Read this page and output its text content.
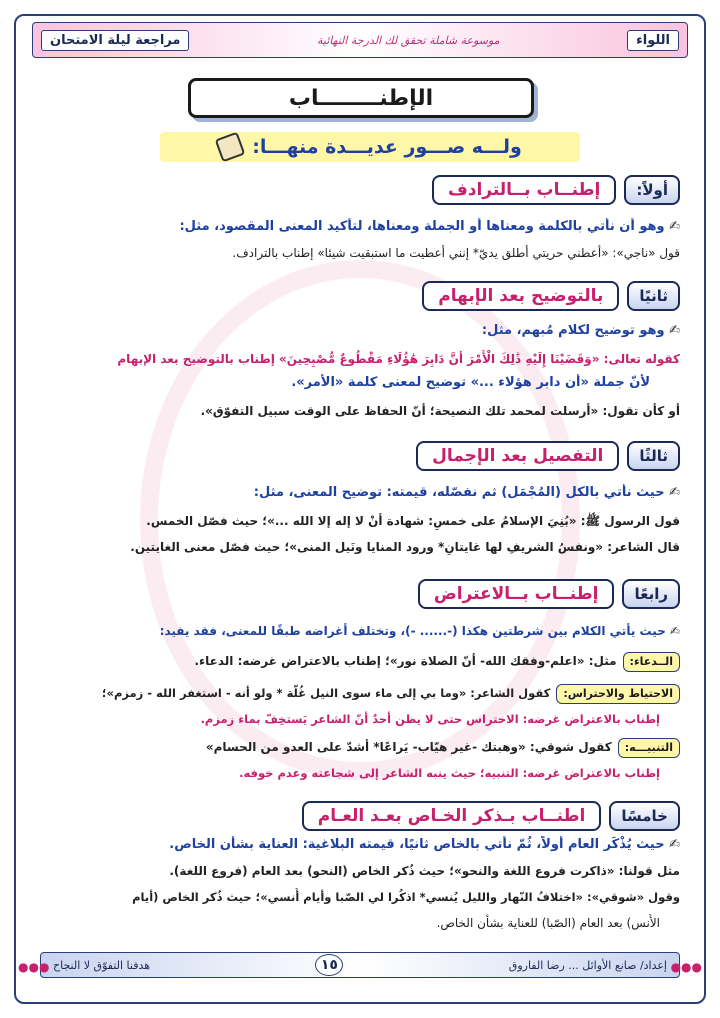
اللواء
موسوعة شاملة تحقق لك الدرجة النهائية
مراجعة ليلة الامتحان
الإطنــــــــاب
ولـــه صـــور عديـــدة منهـــا:
أولاً:
إطنــاب بــالترادف
✍ وهو أن نأتي بالكلمة ومعناها أو الجملة ومعناها، لتأكيد المعنى المقصود، مثل:
قول «ناجي»: «أعطني حريتي أطلق يديّ* إنني أعطيت ما استبقيت شيئا» إطناب بالترادف.
ثانيًا
بالتوضيح بعد الإبهام
✍ وهو توضيح لكلام مُبهم، مثل:
كقوله تعالى: «وَقَضَيْنَا إِلَيْهِ ذَٰلِكَ الْأَمْرَ أَنَّ دَابِرَ هَٰؤُلَاءِ مَقْطُوعٌ مُّصْبِحِينَ» إطناب بالتوضيح بعد الإبهام
لأنّ جملة «أن دابر هؤلاء ...» توضيح لمعنى كلمة «الأمر».
أو كأن تقول: «أرسلت لمحمد تلك النصيحة؛ أنّ الحفاظ على الوقت سبيل التفوّق».
ثالثًا
التفصيل بعد الإجمال
✍ حيث نأتي بالكل (المُجْمَل) ثم نفصّله، قيمته: توضيح المعنى، مثل:
قول الرسول ﷺ: «بُنِيَ الإسلامُ على خمسٍ: شهادة أنْ لا إله إلا الله ...»؛ حيث فصّل الخمس.
قال الشاعر: «ونفسُ الشريفِ لها غايتانِ* ورود المنايا ونَيل المنى»؛ حيث فصّل معنى الغايتين.
رابعًا
إطنــاب بــالاعتراض
✍ حيث يأتي الكلام بين شرطتين هكذا (-...... -)، وتختلف أغراضه طبقًا للمعنى، فقد يفيد:
الــدعاء:مثل: «اعلم-وفقك الله- أنّ الصلاة نور»؛ إطناب بالاعتراض غرضه: الدعاء.
الاحتياط والاحتراس:كقول الشاعر: «وما بي إلى ماء سوى النيل غُلّة * ولو أنه - استغفر الله - زمزم»؛
إطناب بالاعتراض غرضه: الاحتراس حتى لا يظن أحدٌ أنّ الشاعر يَستخِفّ بماء زمزم.
التنبيـــه:كقول شوقي: «وهبتك -غير هيّاب- يَراعًا* أشدّ على العدو من الحسام»
إطناب بالاعتراض غرضه: التنبيه؛ حيث ينبه الشاعر إلى شجاعته وعدم خوفه.
خامسًا
اطنــاب بـذكر الخـاص بعـد العـام
✍ حيث يُذْكَر العام أولاً، ثُمّ نأتي بالخاص ثانيًا، قيمته البلاغية: العناية بشأن الخاص.
مثل قولنا: «ذاكرت فروع اللغة والنحو»؛ حيث ذُكر الخاص (النحو) بعد العام (فروع اللغة).
وقول «شوقي»: «اختلافُ النّهار والليل يُنسي* اذكُرا لي الصّبا وأيام أُنسي»؛ حيث ذُكر الخاص (أيام
الأُنس) بعد العام (الصّبا) للعناية بشأن الخاص.
إعداد/ صانع الأوائل ... رضا الفاروق
١٥
هدفنا التفوّق لا النجاح	●●●
●●●
